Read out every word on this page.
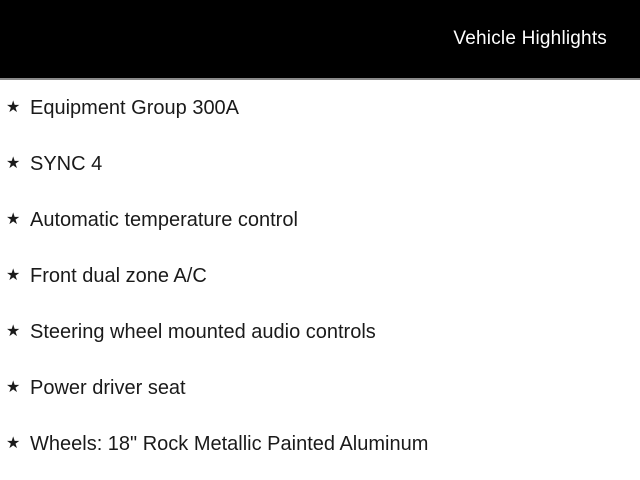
Vehicle Highlights
★ Equipment Group 300A
★ SYNC 4
★ Automatic temperature control
★ Front dual zone A/C
★ Steering wheel mounted audio controls
★ Power driver seat
★ Wheels: 18" Rock Metallic Painted Aluminum
